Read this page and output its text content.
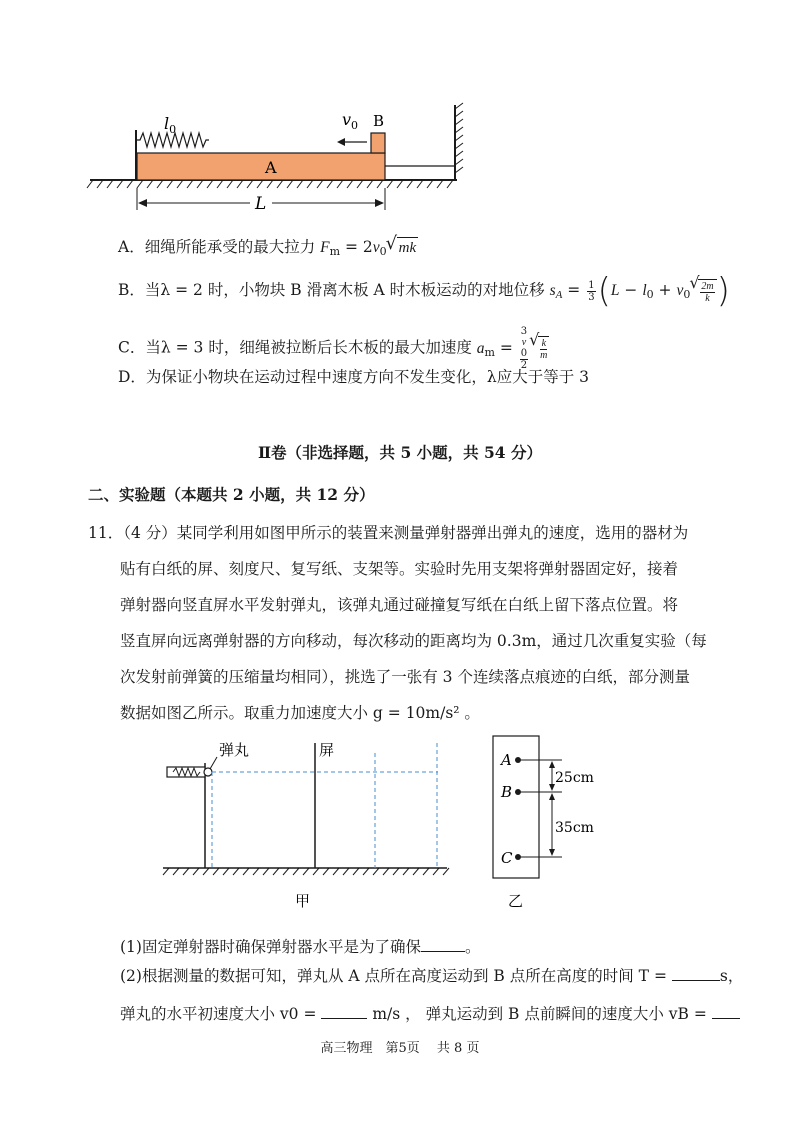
$l_0$
$v_0$ B
A
L
A．细绳所能承受的最大拉力 $F_m = 2v_0√$ mk
B．当λ = 2 时，小物块 B 滑离木板 A 时木板运动的对地位移 $s_A = \frac{1}{3} (L - l_0 + v_0$
√ $\frac{2m}{k}$ )
C．当λ = 3 时，细绳被拉断后长木板的最大加速度 $a_m = 3$
v
0
2
√ $\frac{k}{m}$
D．为保证小物块在运动过程中速度方向不发生变化，λ应大于等于 3
Ⅱ卷（非选择题，共 5 小题，共 54 分）
二、实验题（本题共 2 小题，共 12 分）
11．（4 分）某同学利用如图甲所示的装置来测量弹射器弹出弹丸的速度，选用的器材为
贴有白纸的屏、刻度尺、复写纸、支架等。实验时先用支架将弹射器固定好，接着
弹射器向竖直屏水平发射弹丸，该弹丸通过碰撞复写纸在白纸上留下落点位置。将
竖直屏向远离弹射器的方向移动，每次移动的距离均为 0.3m，通过几次重复实验（每
次发射前弹簧的压缩量均相同），挑选了一张有 3 个连续落点痕迹的白纸，部分测量
数据如图乙所示。取重力加速度大小 g = 10m/s² 。
弹丸	屏
甲
A
B
C
25cm
35cm
乙
(1)固定弹射器时确保弹射器水平是为了确保	。
(2)根据测量的数据可知，弹丸从 A 点所在高度运动到 B 点所在高度的时间 T =	s，
弹丸的水平初速度大小 v0 =	m/s ， 弹丸运动到 B 点前瞬间的速度大小 vB =
高三物理　第5页　 共 8 页
